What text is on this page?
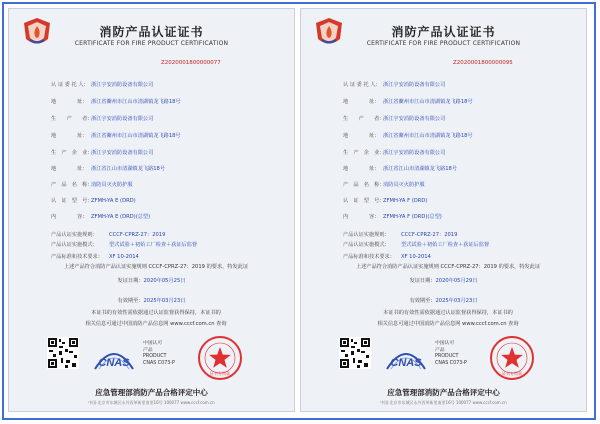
消防产品认证证书
CERTIFICATE FOR FIRE PRODUCT CERTIFICATION
Z2020001800000077
认 证 委 托 人： 浙江宇安消防设备有限公司
地　　　　址： 浙江省衢州市江山市清湖镇龙飞路18号
生　　产　　者：浙江宇安消防设备有限公司
地　　　　址： 浙江省衢州市江山市清湖镇龙飞路18号
生　产　企　业：浙江宇安消防设备有限公司
地　　　　址： 浙江省江山市清湖镇龙飞路18号
产　品　名　称：消防员灭火防护服
认　证　型　号：ZFMH-YA E (DRD)
内　　　　容： ZFMH-YA E (DRD)(总型)
产品认证实施规则： CCCF-CPRZ-27：2019
产品认证实施模式： 型式试验＋初始工厂检查＋获证后监督
产品标准和技术要求： XF 10-2014
上述产品符合消防产品认证实施规则 CCCF-CPRZ-27：2019 的要求，特发此证
发证日期：2020年05月25日
有效期至：2025年03月23日
本证书的有效性需依据通过认证监督获得保持，本证书的
相关信息可通过中国消防产品信息网 www.cccf.com.cn 查询
CNAS
中国认可
产品
PRODUCT
CNAS C073-P
证书专用章
应急管理部消防产品合格评定中心
中国·北京市东城区永外西革新里南里16号 100077 www.cccf.com.cn
消防产品认证证书
CERTIFICATE FOR FIRE PRODUCT CERTIFICATION
Z2020001800000095
认 证 委 托 人： 浙江宇安消防设备有限公司
地　　　　址： 浙江省衢州市江山市清湖镇龙飞路18号
生　　产　　者：浙江宇安消防设备有限公司
地　　　　址： 浙江省衢州市江山市清湖镇龙飞路18号
生　产　企　业：浙江宇安消防设备有限公司
地　　　　址： 浙江省江山市清湖镇龙飞路18号
产　品　名　称：消防员灭火防护服
认　证　型　号：ZFMH-YA F (DRD)
内　　　　容： ZFMH-YA F (DRD)(总型)
产品认证实施规则： CCCF-CPRZ-27：2019
产品认证实施模式： 型式试验＋初始工厂检查＋获证后监督
产品标准和技术要求： XF 10-2014
上述产品符合消防产品认证实施规则 CCCF-CPRZ-27：2019 的要求，特发此证
发证日期：2020年05月29日
有效期至：2025年03月23日
本证书的有效性需依据通过认证监督获得保持，本证书的
相关信息可通过中国消防产品信息网 www.cccf.com.cn 查询
CNAS
中国认可
产品
PRODUCT
CNAS C073-P
证书专用章
应急管理部消防产品合格评定中心
中国·北京市东城区永外西革新里南里16号 100077 www.cccf.com.cn
